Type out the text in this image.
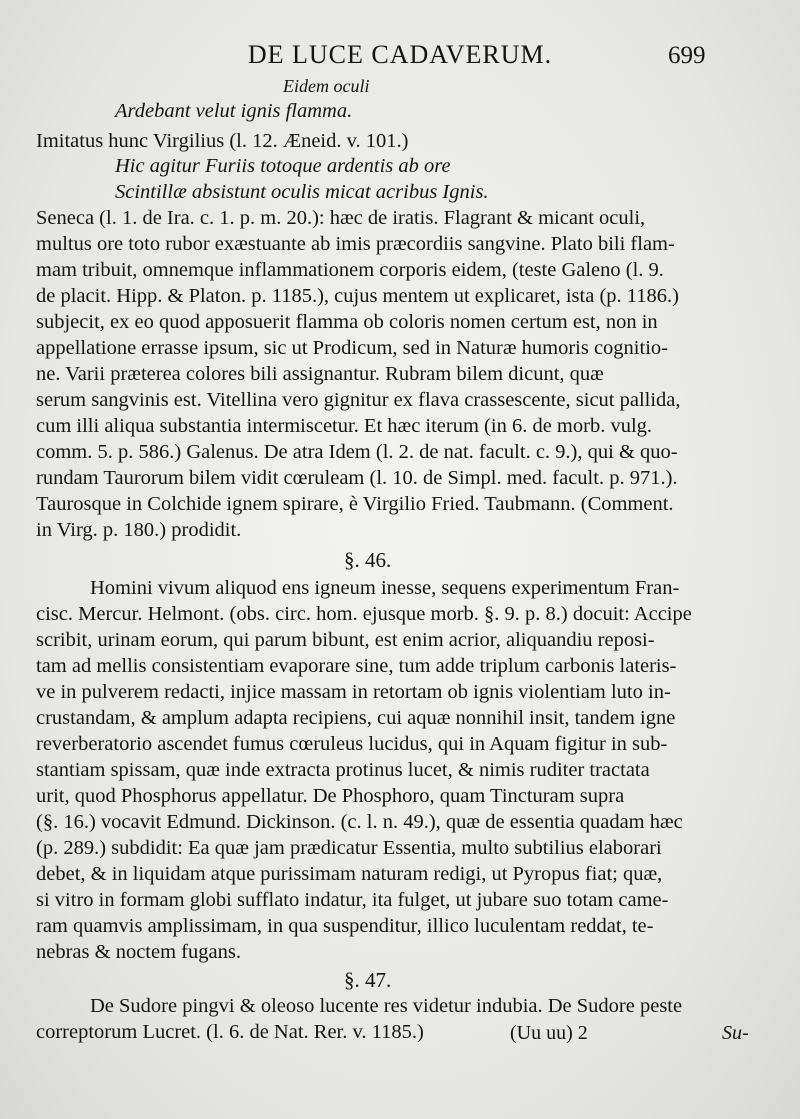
DE LUCE CADAVERUM.	699
Eidem oculi
Ardebant velut ignis flamma.
Imitatus hunc Virgilius (l. 12. Æneid. v. 101.)
Hic agitur Furiis totoque ardentis ab ore
Scintillæ absistunt oculis micat acribus Ignis.
Seneca (l. 1. de Ira. c. 1. p. m. 20.): hæc de iratis. Flagrant & micant oculi,
multus ore toto rubor exæstuante ab imis præcordiis sangvine. Plato bili flam-
mam tribuit, omnemque inflammationem corporis eidem, (teste Galeno (l. 9.
de placit. Hipp. & Platon. p. 1185.), cujus mentem ut explicaret, ista (p. 1186.)
subjecit, ex eo quod apposuerit flamma ob coloris nomen certum est, non in
appellatione errasse ipsum, sic ut Prodicum, sed in Naturæ humoris cognitio-
ne. Varii præterea colores bili assignantur. Rubram bilem dicunt, quæ
serum sangvinis est. Vitellina vero gignitur ex flava crassescente, sicut pallida,
cum illi aliqua substantia intermiscetur. Et hæc iterum (in 6. de morb. vulg.
comm. 5. p. 586.) Galenus. De atra Idem (l. 2. de nat. facult. c. 9.), qui & quo-
rundam Taurorum bilem vidit cœruleam (l. 10. de Simpl. med. facult. p. 971.).
Taurosque in Colchide ignem spirare, è Virgilio Fried. Taubmann. (Comment.
in Virg. p. 180.) prodidit.
§. 46.
Homini vivum aliquod ens igneum inesse, sequens experimentum Fran-
cisc. Mercur. Helmont. (obs. circ. hom. ejusque morb. §. 9. p. 8.) docuit: Accipe
scribit, urinam eorum, qui parum bibunt, est enim acrior, aliquandiu reposi-
tam ad mellis consistentiam evaporare sine, tum adde triplum carbonis lateris-
ve in pulverem redacti, injice massam in retortam ob ignis violentiam luto in-
crustandam, & amplum adapta recipiens, cui aquæ nonnihil insit, tandem igne
reverberatorio ascendet fumus cœruleus lucidus, qui in Aquam figitur in sub-
stantiam spissam, quæ inde extracta protinus lucet, & nimis ruditer tractata
urit, quod Phosphorus appellatur. De Phosphoro, quam Tincturam supra
(§. 16.) vocavit Edmund. Dickinson. (c. l. n. 49.), quæ de essentia quadam hæc
(p. 289.) subdidit: Ea quæ jam prædicatur Essentia, multo subtilius elaborari
debet, & in liquidam atque purissimam naturam redigi, ut Pyropus fiat; quæ,
si vitro in formam globi sufflato indatur, ita fulget, ut jubare suo totam came-
ram quamvis amplissimam, in qua suspenditur, illico luculentam reddat, te-
nebras & noctem fugans.
§. 47.
De Sudore pingvi & oleoso lucente res videtur indubia. De Sudore peste
correptorum Lucret. (l. 6. de Nat. Rer. v. 1185.)	(Uu uu) 2	Su-
